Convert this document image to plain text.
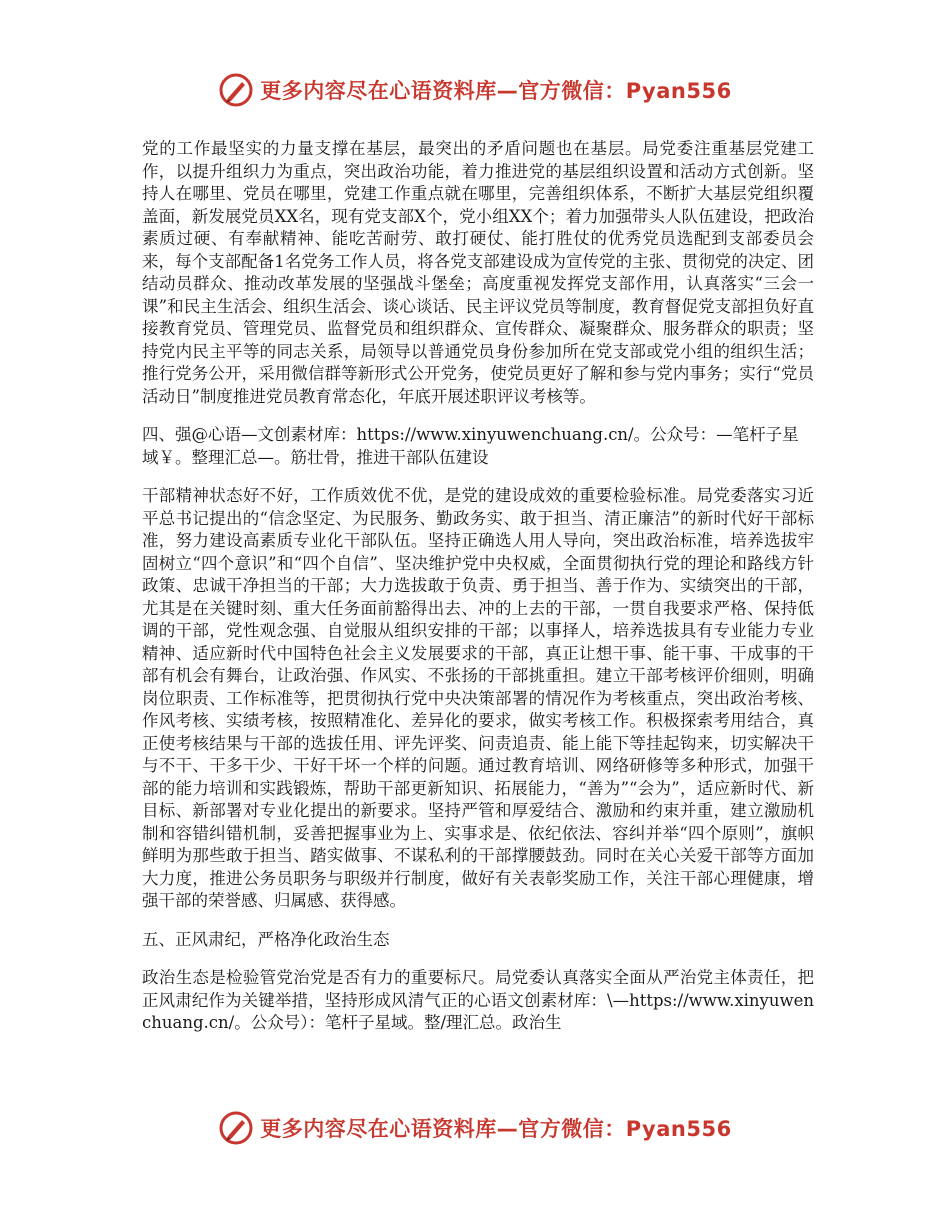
更多内容尽在心语资料库—官方微信：Pyan556

党的工作最坚实的力量支撑在基层，最突出的矛盾问题也在基层。局党委注重基层党建工作，以提升组织力为重点，突出政治功能，着力推进党的基层组织设置和活动方式创新。坚持人在哪里、党员在哪里，党建工作重点就在哪里，完善组织体系，不断扩大基层党组织覆盖面，新发展党员XX名，现有党支部X个，党小组XX个；着力加强带头人队伍建设，把政治素质过硬、有奉献精神、能吃苦耐劳、敢打硬仗、能打胜仗的优秀党员选配到支部委员会来，每个支部配备1名党务工作人员，将各党支部建设成为宣传党的主张、贯彻党的决定、团结动员群众、推动改革发展的坚强战斗堡垒；高度重视发挥党支部作用，认真落实“三会一课”和民主生活会、组织生活会、谈心谈话、民主评议党员等制度，教育督促党支部担负好直接教育党员、管理党员、监督党员和组织群众、宣传群众、凝聚群众、服务群众的职责；坚持党内民主平等的同志关系，局领导以普通党员身份参加所在党支部或党小组的组织生活；推行党务公开，采用微信群等新形式公开党务，使党员更好了解和参与党内事务；实行“党员活动日”制度推进党员教育常态化，年底开展述职评议考核等。

四、强@心语—文创素材库：https://www.xinyuwenchuang.cn/。公众号：—笔杆子星域￥。整理汇总—。筋壮骨，推进干部队伍建设

干部精神状态好不好，工作质效优不优，是党的建设成效的重要检验标准。局党委落实习近平总书记提出的“信念坚定、为民服务、勤政务实、敢于担当、清正廉洁”的新时代好干部标准，努力建设高素质专业化干部队伍。坚持正确选人用人导向，突出政治标准，培养选拔牢固树立“四个意识”和“四个自信”、坚决维护党中央权威，全面贯彻执行党的理论和路线方针政策、忠诚干净担当的干部；大力选拔敢于负责、勇于担当、善于作为、实绩突出的干部，尤其是在关键时刻、重大任务面前豁得出去、冲的上去的干部，一贯自我要求严格、保持低调的干部，党性观念强、自觉服从组织安排的干部；以事择人，培养选拔具有专业能力专业精神、适应新时代中国特色社会主义发展要求的干部，真正让想干事、能干事、干成事的干部有机会有舞台，让政治强、作风实、不张扬的干部挑重担。建立干部考核评价细则，明确岗位职责、工作标准等，把贯彻执行党中央决策部署的情况作为考核重点，突出政治考核、作风考核、实绩考核，按照精准化、差异化的要求，做实考核工作。积极探索考用结合，真正使考核结果与干部的选拔任用、评先评奖、问责追责、能上能下等挂起钩来，切实解决干与不干、干多干少、干好干坏一个样的问题。通过教育培训、网络研修等多种形式，加强干部的能力培训和实践锻炼，帮助干部更新知识、拓展能力，“善为”“会为”，适应新时代、新目标、新部署对专业化提出的新要求。坚持严管和厚爱结合、激励和约束并重，建立激励机制和容错纠错机制，妥善把握事业为上、实事求是、依纪依法、容纠并举“四个原则”，旗帜鲜明为那些敢于担当、踏实做事、不谋私利的干部撑腰鼓劲。同时在关心关爱干部等方面加大力度，推进公务员职务与职级并行制度，做好有关表彰奖励工作，关注干部心理健康，增强干部的荣誉感、归属感、获得感。

五、正风肃纪，严格净化政治生态

政治生态是检验管党治党是否有力的重要标尺。局党委认真落实全面从严治党主体责任，把正风肃纪作为关键举措，坚持形成风清气正的心语文创素材库：\—https://www.xinyuwenchuang.cn/。公众号）：笔杆子星域。整/理汇总。政治生

更多内容尽在心语资料库—官方微信：Pyan556
